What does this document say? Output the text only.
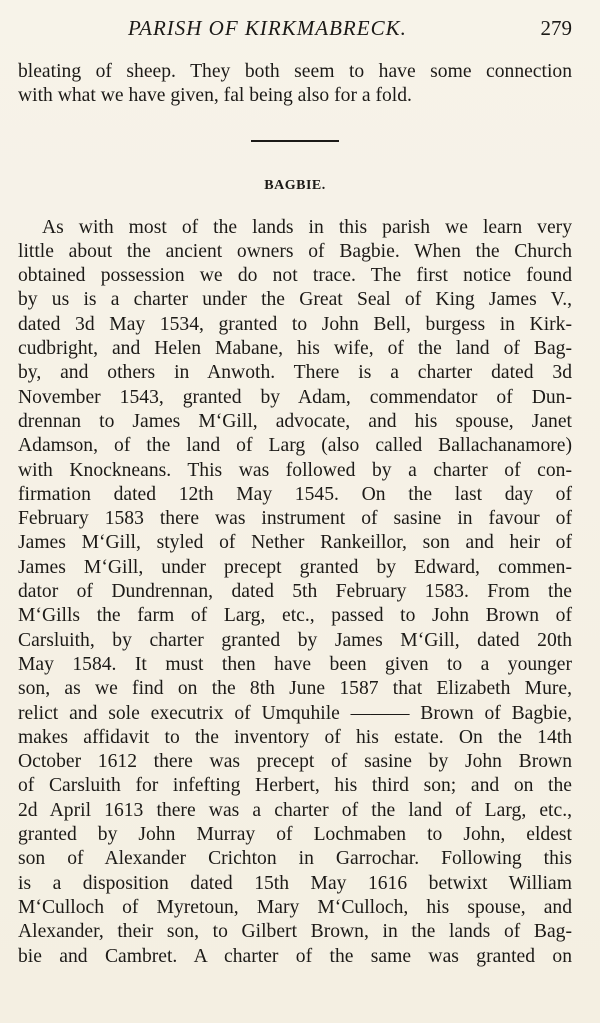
PARISH OF KIRKMABRECK.	279
bleating of sheep. They both seem to have some connection
with what we have given, fal being also for a fold.
BAGBIE.
As with most of the lands in this parish we learn very
little about the ancient owners of Bagbie. When the Church
obtained possession we do not trace. The first notice found
by us is a charter under the Great Seal of King James V.,
dated 3d May 1534, granted to John Bell, burgess in Kirk-
cudbright, and Helen Mabane, his wife, of the land of Bag-
by, and others in Anwoth. There is a charter dated 3d
November 1543, granted by Adam, commendator of Dun-
drennan to James M‘Gill, advocate, and his spouse, Janet
Adamson, of the land of Larg (also called Ballachanamore)
with Knockneans. This was followed by a charter of con-
firmation dated 12th May 1545. On the last day of
February 1583 there was instrument of sasine in favour of
James M‘Gill, styled of Nether Rankeillor, son and heir of
James M‘Gill, under precept granted by Edward, commen-
dator of Dundrennan, dated 5th February 1583. From the
M‘Gills the farm of Larg, etc., passed to John Brown of
Carsluith, by charter granted by James M‘Gill, dated 20th
May 1584. It must then have been given to a younger
son, as we find on the 8th June 1587 that Elizabeth Mure,
relict and sole executrix of Umquhile ——— Brown of Bagbie,
makes affidavit to the inventory of his estate. On the 14th
October 1612 there was precept of sasine by John Brown
of Carsluith for infefting Herbert, his third son; and on the
2d April 1613 there was a charter of the land of Larg, etc.,
granted by John Murray of Lochmaben to John, eldest
son of Alexander Crichton in Garrochar. Following this
is a disposition dated 15th May 1616 betwixt William
M‘Culloch of Myretoun, Mary M‘Culloch, his spouse, and
Alexander, their son, to Gilbert Brown, in the lands of Bag-
bie and Cambret. A charter of the same was granted on
